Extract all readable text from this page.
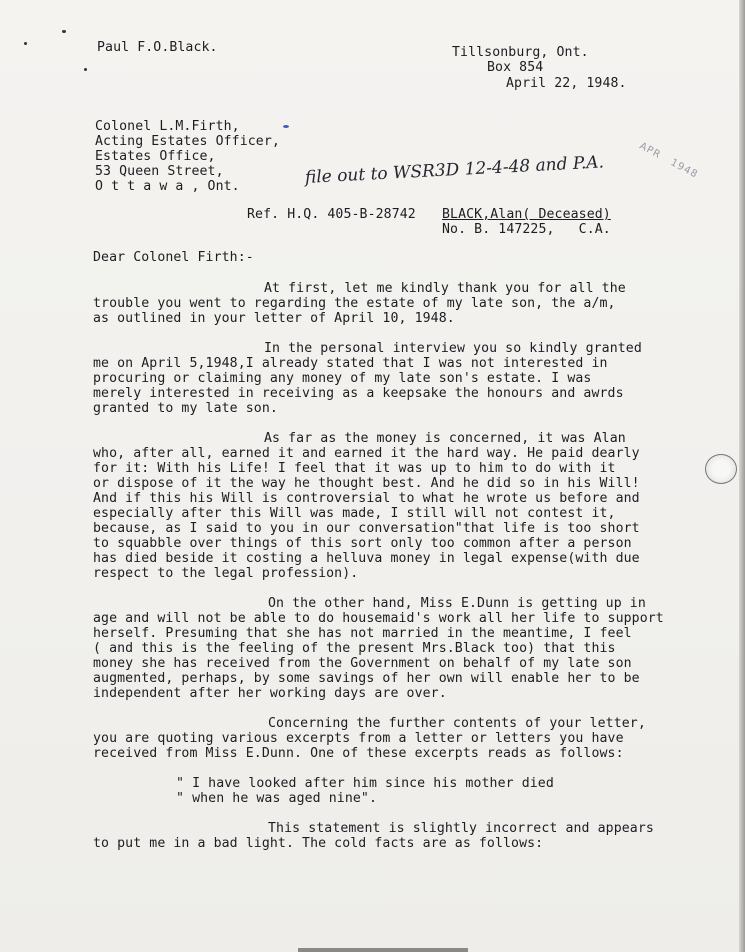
Paul F.O.Black.	Tillsonburg, Ont.
Box 854
April 22, 1948.
Colonel L.M.Firth,
Acting Estates Officer,
Estates Office,
53 Queen Street,
O t t a w a , Ont.	file out to WSR3D 12-4-48 and P.A.	APR   1948
Ref. H.Q. 405-B-28742 BLACK,Alan( Deceased)
No. B. 147225,   C.A.
Dear Colonel Firth:-
At first, let me kindly thank you for all the
trouble you went to regarding the estate of my late son, the a/m,
as outlined in your letter of April 10, 1948.
In the personal interview you so kindly granted
me on April 5,1948,I already stated that I was not interested in
procuring or claiming any money of my late son's estate. I was
merely interested in receiving as a keepsake the honours and awrds
granted to my late son.
As far as the money is concerned, it was Alan
who, after all, earned it and earned it the hard way. He paid dearly
for it: With his Life! I feel that it was up to him to do with it
or dispose of it the way he thought best. And he did so in his Will!
And if this his Will is controversial to what he wrote us before and
especially after this Will was made, I still will not contest it,
because, as I said to you in our conversation"that life is too short
to squabble over things of this sort only too common after a person
has died beside it costing a helluva money in legal expense(with due
respect to the legal profession).
On the other hand, Miss E.Dunn is getting up in
age and will not be able to do housemaid's work all her life to support
herself. Presuming that she has not married in the meantime, I feel
( and this is the feeling of the present Mrs.Black too) that this
money she has received from the Government on behalf of my late son
augmented, perhaps, by some savings of her own will enable her to be
independent after her working days are over.
Concerning the further contents of your letter,
you are quoting various excerpts from a letter or letters you have
received from Miss E.Dunn. One of these excerpts reads as follows:
" I have looked after him since his mother died
" when he was aged nine".
This statement is slightly incorrect and appears
to put me in a bad light. The cold facts are as follows:
